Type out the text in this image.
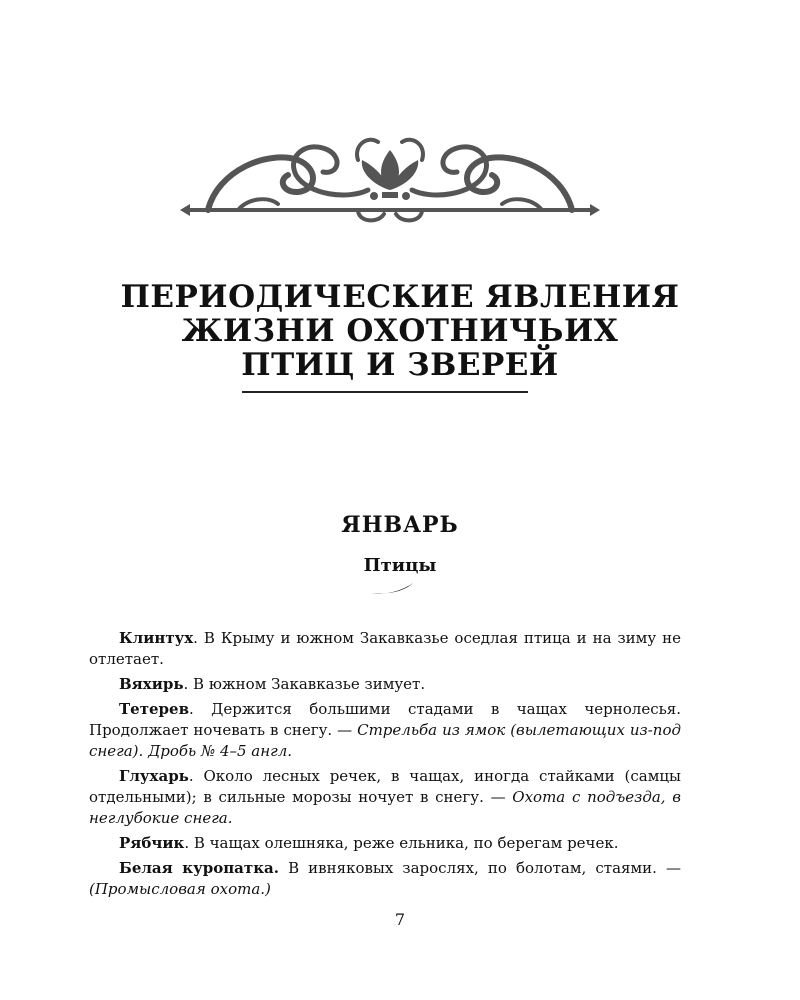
ПЕРИОДИЧЕСКИЕ ЯВЛЕНИЯ
ЖИЗНИ ОХОТНИЧЬИХ
ПТИЦ И ЗВЕРЕЙ
ЯНВАРЬ
Птицы

Клинтух. В Крыму и южном Закавказье оседлая птица и на зиму не отлетает.

Вяхирь. В южном Закавказье зимует.

Тетерев. Держится большими стадами в чащах чернолесья. Продолжает ночевать в снегу. — Стрельба из ямок (вылетающих из-под снега). Дробь № 4–5 англ.

Глухарь. Около лесных речек, в чащах, иногда стайками (самцы отдельными); в сильные морозы ночует в снегу. — Охота с подъезда, в неглубокие снега.

Рябчик. В чащах олешняка, реже ельника, по берегам речек.

Белая куропатка. В ивняковых зарослях, по болотам, стаями. — (Промысловая охота.)

7
